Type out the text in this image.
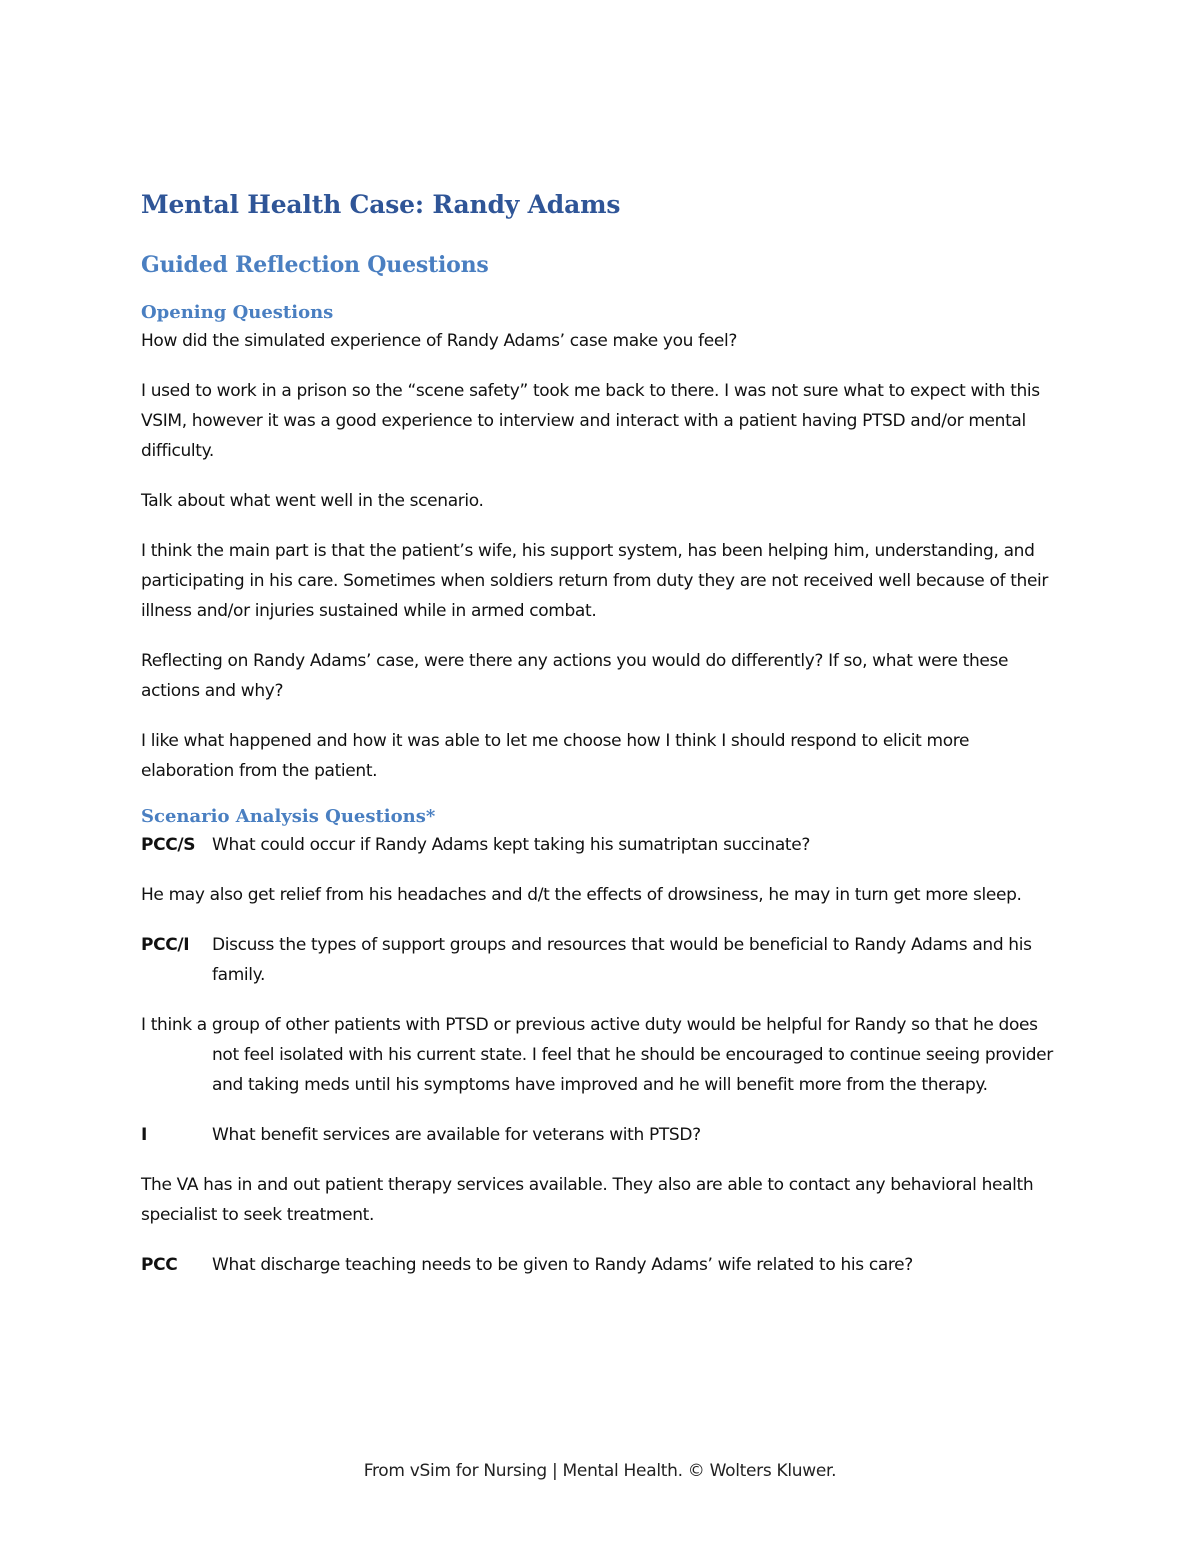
Mental Health Case: Randy Adams
Guided Reflection Questions
Opening Questions

How did the simulated experience of Randy Adams’ case make you feel?

I used to work in a prison so the “scene safety” took me back to there. I was not sure what to expect with this VSIM, however it was a good experience to interview and interact with a patient having PTSD and/or mental difficulty.

Talk about what went well in the scenario.

I think the main part is that the patient’s wife, his support system, has been helping him, understanding, and participating in his care. Sometimes when soldiers return from duty they are not received well because of their illness and/or injuries sustained while in armed combat.

Reflecting on Randy Adams’ case, were there any actions you would do differently? If so, what were these actions and why?

I like what happened and how it was able to let me choose how I think I should respond to elicit more elaboration from the patient.

Scenario Analysis Questions*
PCC/S What could occur if Randy Adams kept taking his sumatriptan succinate?

He may also get relief from his headaches and d/t the effects of drowsiness, he may in turn get more sleep.

PCC/I	Discuss the types of support groups and resources that would be beneficial to Randy Adams and his family.

I think a group of other patients with PTSD or previous active duty would be helpful for Randy so that he does not feel isolated with his current state. I feel that he should be encouraged to continue seeing provider and taking meds until his symptoms have improved and he will benefit more from the therapy.

I	What benefit services are available for veterans with PTSD?

The VA has in and out patient therapy services available. They also are able to contact any behavioral health specialist to seek treatment.

PCC	What discharge teaching needs to be given to Randy Adams’ wife related to his care?
From vSim for Nursing | Mental Health. © Wolters Kluwer.
